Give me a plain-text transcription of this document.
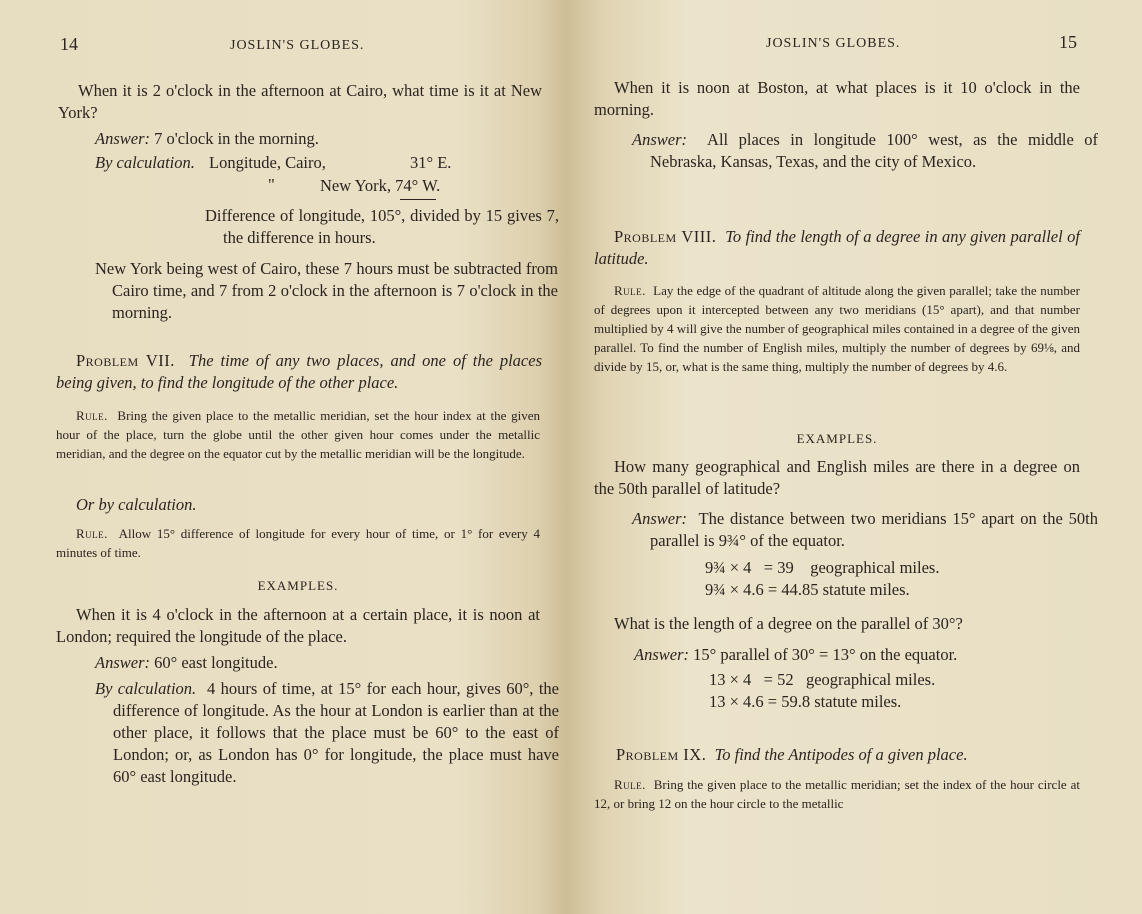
14	JOSLIN'S GLOBES.

When it is 2 o'clock in the afternoon at Cairo, what time is it at New York?

Answer: 7 o'clock in the morning.
By calculation. Longitude, Cairo,	31° E.
"	New York, 74° W.

Difference of longitude, 105°, divided by 15 gives 7, the difference in hours.

New York being west of Cairo, these 7 hours must be subtracted from Cairo time, and 7 from 2 o'clock in the afternoon is 7 o'clock in the morning.

Problem VII. The time of any two places, and one of the places being given, to find the longitude of the other place.

Rule. Bring the given place to the metallic meridian, set the hour index at the given hour of the place, turn the globe until the other given hour comes under the metallic meridian, and the degree on the equator cut by the metallic meridian will be the longitude.

Or by calculation.

Rule. Allow 15° difference of longitude for every hour of time, or 1° for every 4 minutes of time.

EXAMPLES.

When it is 4 o'clock in the afternoon at a certain place, it is noon at London; required the longitude of the place.

Answer: 60° east longitude.

By calculation. 4 hours of time, at 15° for each hour, gives 60°, the difference of longitude. As the hour at London is earlier than at the other place, it follows that the place must be 60° to the east of London; or, as London has 0° for longitude, the place must have 60° east longitude.

JOSLIN'S GLOBES.	15

When it is noon at Boston, at what places is it 10 o'clock in the morning.

Answer: All places in longitude 100° west, as the middle of Nebraska, Kansas, Texas, and the city of Mexico.

Problem VIII. To find the length of a degree in any given parallel of latitude.

Rule. Lay the edge of the quadrant of altitude along the given parallel; take the number of degrees upon it intercepted between any two meridians (15° apart), and that number multiplied by 4 will give the number of geographical miles contained in a degree of the given parallel. To find the number of English miles, multiply the number of degrees by 69⅛, and divide by 15, or, what is the same thing, multiply the number of degrees by 4.6.

EXAMPLES.

How many geographical and English miles are there in a degree on the 50th parallel of latitude?

Answer: The distance between two meridians 15° apart on the 50th parallel is 9¾° of the equator.

9¾ × 4   = 39    geographical miles.
9¾ × 4.6 = 44.85 statute miles.

What is the length of a degree on the parallel of 30°?

Answer: 15° parallel of 30° = 13° on the equator.
13 × 4   = 52   geographical miles.
13 × 4.6 = 59.8 statute miles.
Problem IX. To find the Antipodes of a given place.

Rule. Bring the given place to the metallic meridian; set the index of the hour circle at 12, or bring 12 on the hour circle to the metallic
